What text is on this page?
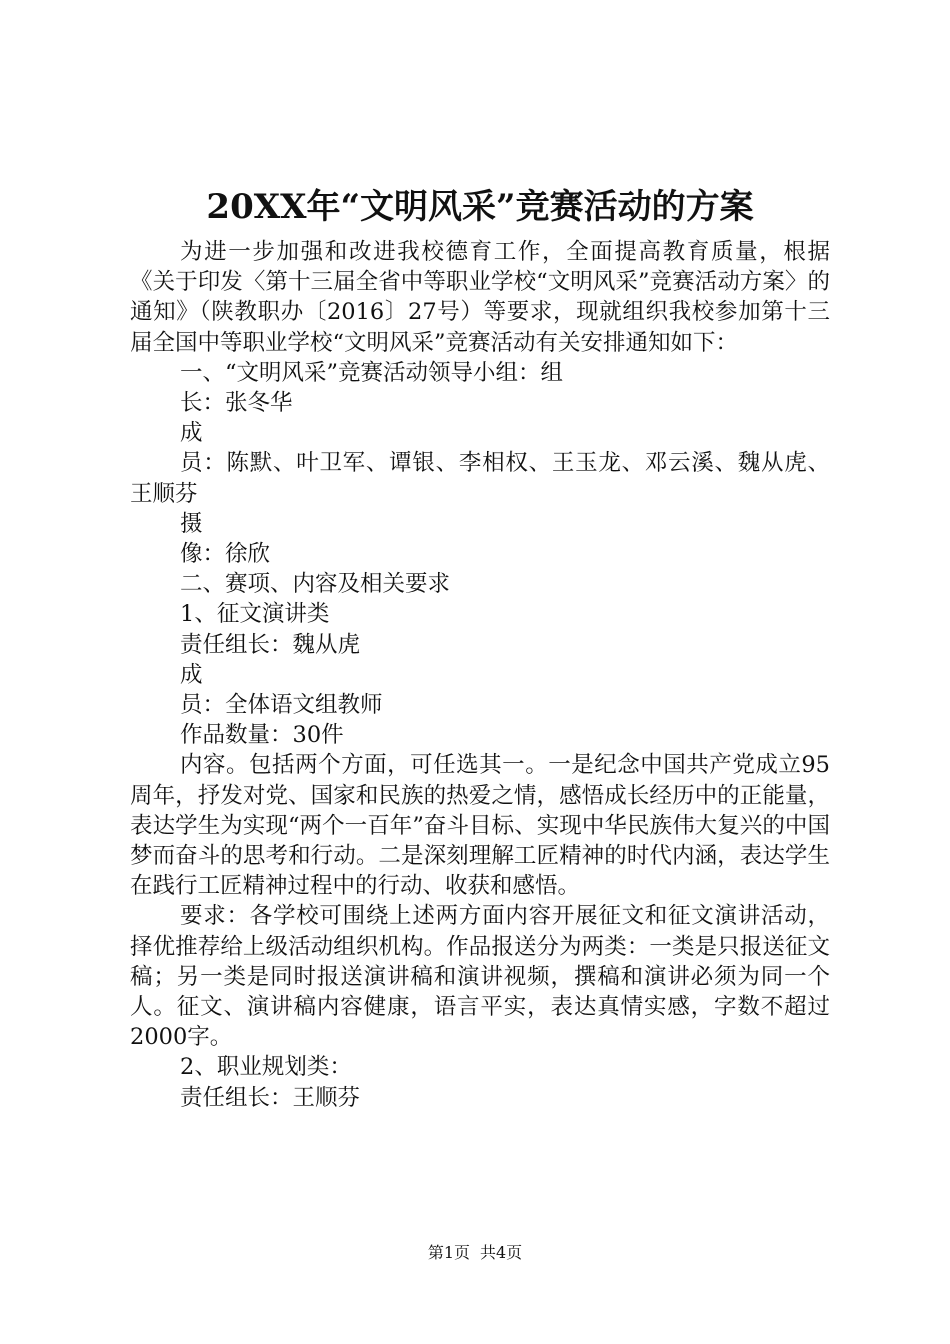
20XX年“文明风采”竞赛活动的方案

为进一步加强和改进我校德育工作，全面提高教育质量，根据《关于印发〈第十三届全省中等职业学校“文明风采”竞赛活动方案〉的通知》（陕教职办〔2016〕27号）等要求，现就组织我校参加第十三届全国中等职业学校“文明风采”竞赛活动有关安排通知如下：

一、“文明风采”竞赛活动领导小组：组

长：张冬华

成

员：陈默、叶卫军、谭银、李相权、王玉龙、邓云溪、魏从虎、王顺芬

摄

像：徐欣

二、赛项、内容及相关要求

1、征文演讲类

责任组长：魏从虎

成

员：全体语文组教师

作品数量：30件

内容。包括两个方面，可任选其一。一是纪念中国共产党成立95周年，抒发对党、国家和民族的热爱之情，感悟成长经历中的正能量，表达学生为实现“两个一百年”奋斗目标、实现中华民族伟大复兴的中国梦而奋斗的思考和行动。二是深刻理解工匠精神的时代内涵，表达学生在践行工匠精神过程中的行动、收获和感悟。

要求：各学校可围绕上述两方面内容开展征文和征文演讲活动，择优推荐给上级活动组织机构。作品报送分为两类：一类是只报送征文稿；另一类是同时报送演讲稿和演讲视频，撰稿和演讲必须为同一个人。征文、演讲稿内容健康，语言平实，表达真情实感，字数不超过2000字。

2、职业规划类：

责任组长：王顺芬

第1页 共4页
